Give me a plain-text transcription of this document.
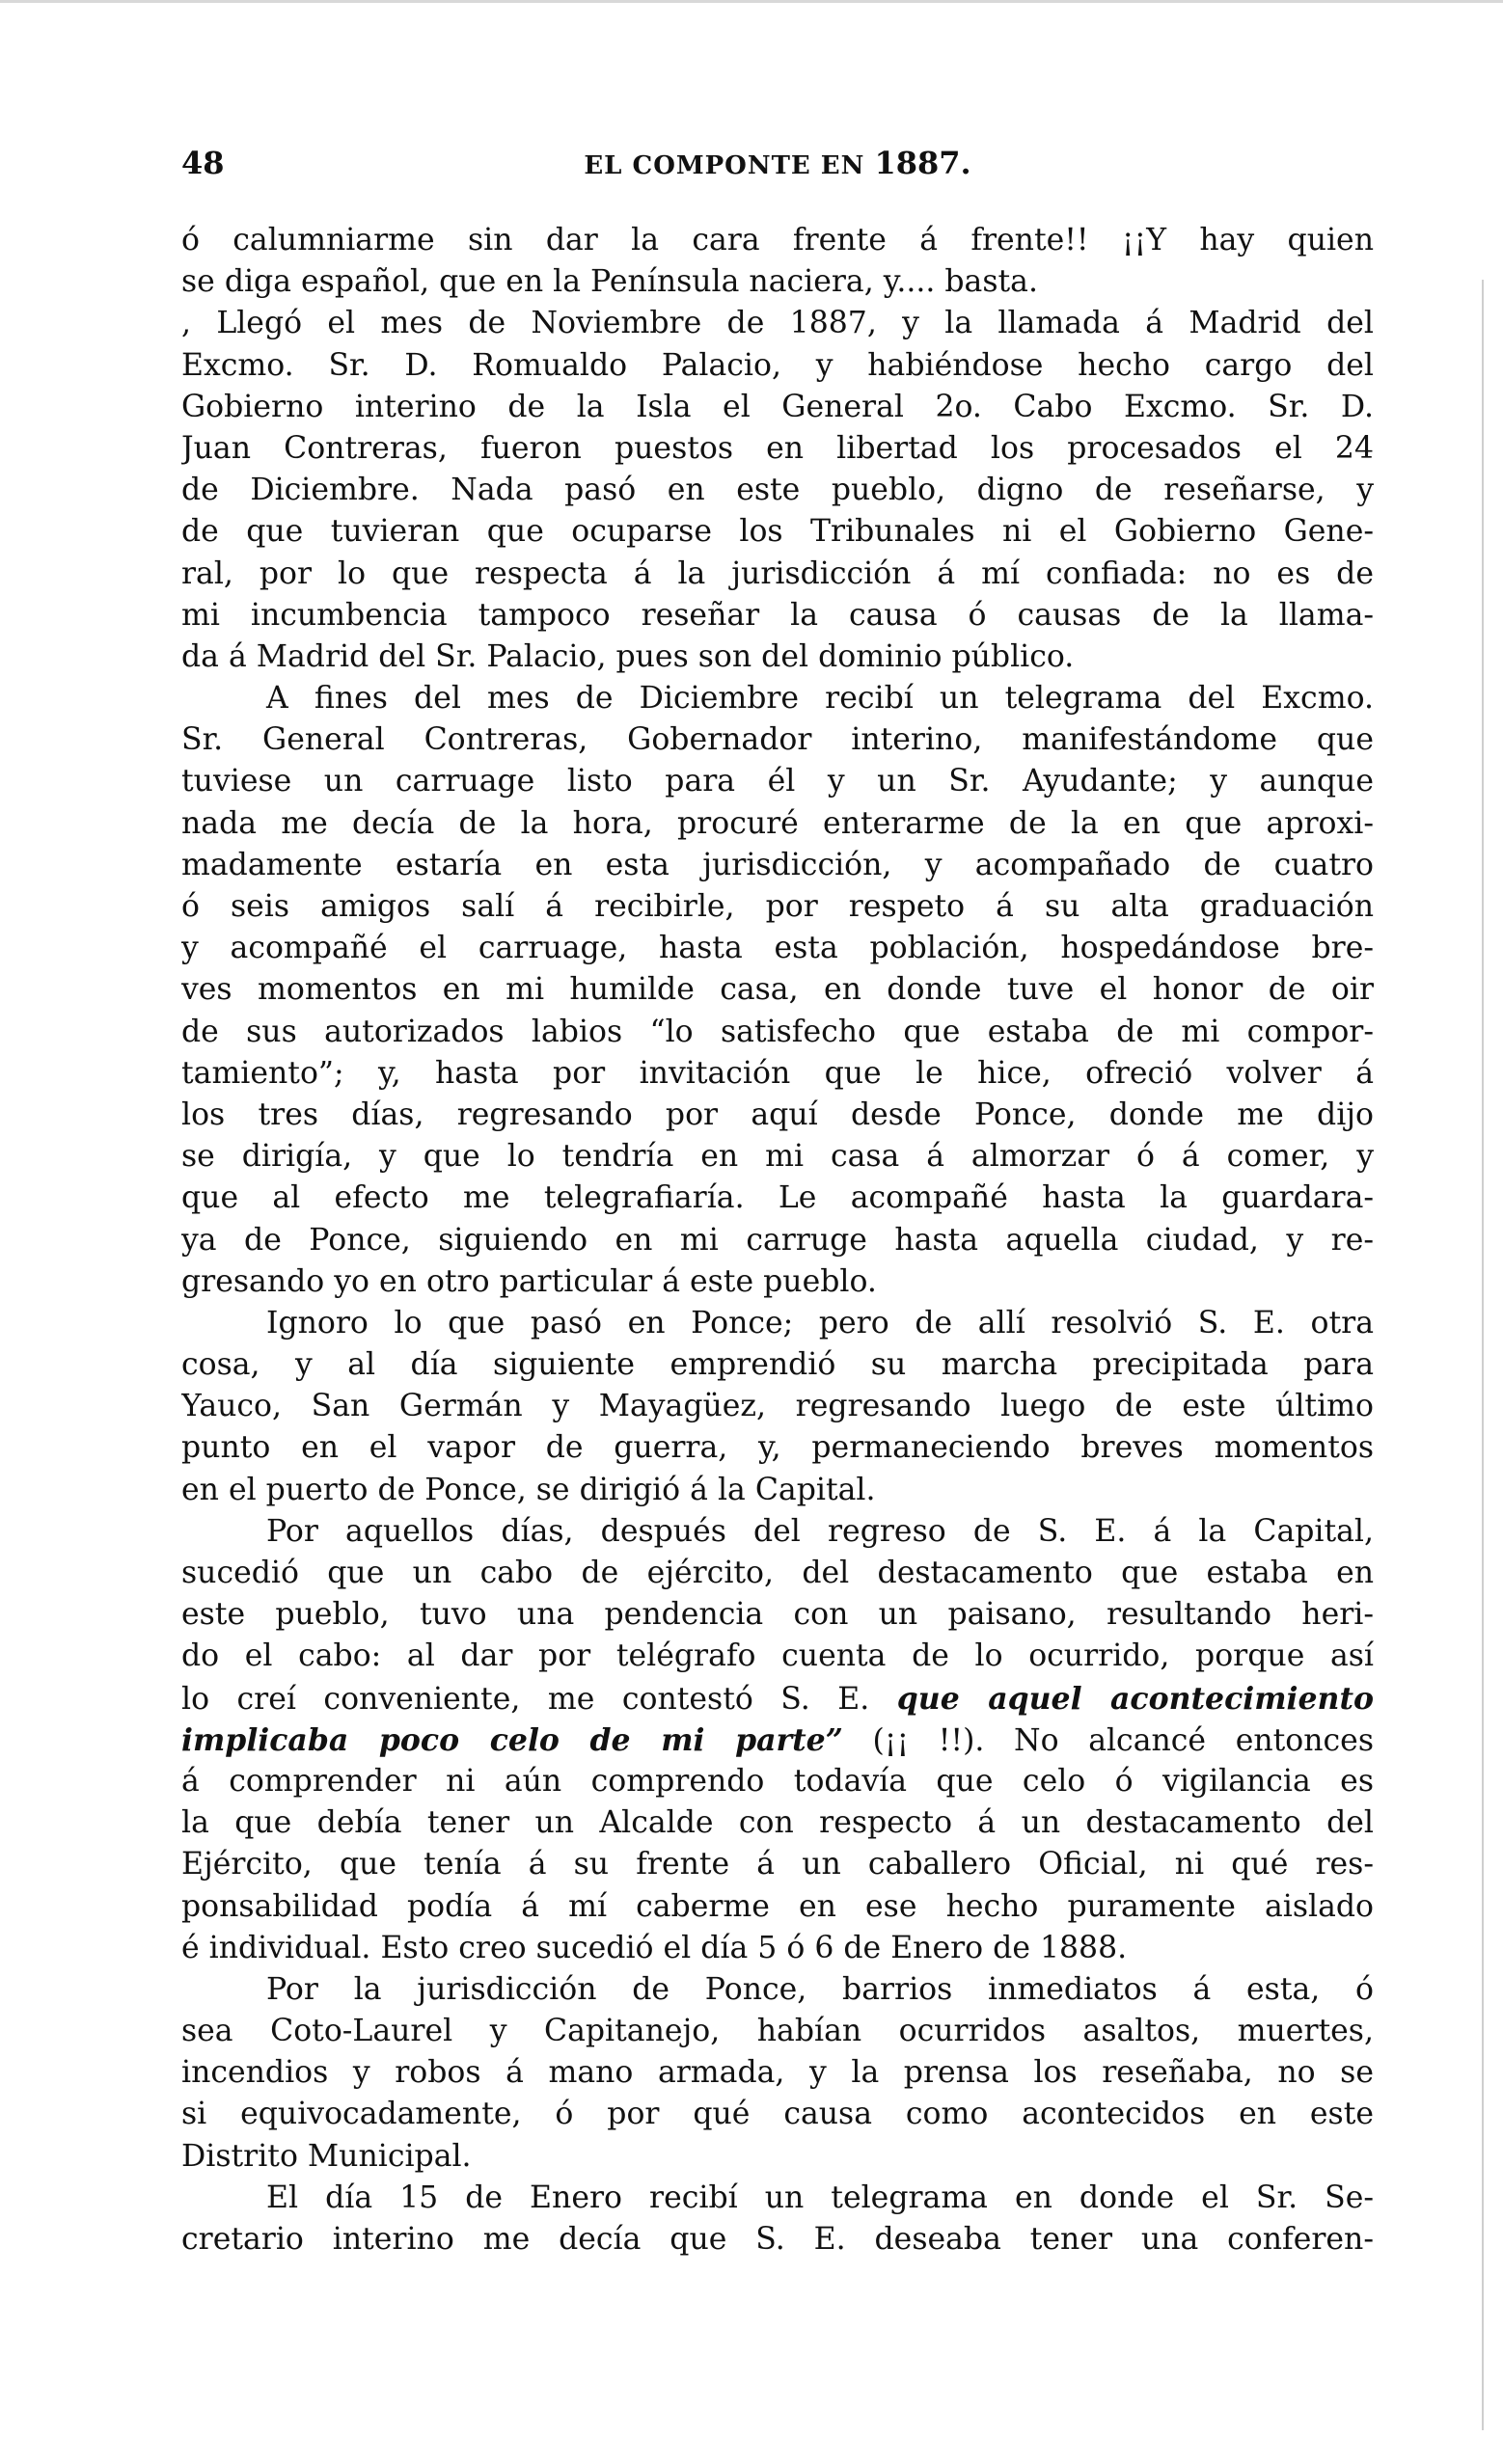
48	EL COMPONTE EN 1887.
ó calumniarme sin dar la cara frente á frente!! ¡¡Y hay quien
se diga español, que en la Península naciera, y.... basta.
, Llegó el mes de Noviembre de 1887, y la llamada á Madrid del
Excmo. Sr. D. Romualdo Palacio, y habiéndose hecho cargo del
Gobierno interino de la Isla el General 2o. Cabo Excmo. Sr. D.
Juan Contreras, fueron puestos en libertad los procesados el 24
de Diciembre. Nada pasó en este pueblo, digno de reseñarse, y
de que tuvieran que ocuparse los Tribunales ni el Gobierno Gene-
ral, por lo que respecta á la jurisdicción á mí confiada: no es de
mi incumbencia tampoco reseñar la causa ó causas de la llama-
da á Madrid del Sr. Palacio, pues son del dominio público.
A fines del mes de Diciembre recibí un telegrama del Excmo.
Sr. General Contreras, Gobernador interino, manifestándome que
tuviese un carruage listo para él y un Sr. Ayudante; y aunque
nada me decía de la hora, procuré enterarme de la en que aproxi-
madamente estaría en esta jurisdicción, y acompañado de cuatro
ó seis amigos salí á recibirle, por respeto á su alta graduación
y acompañé el carruage, hasta esta población, hospedándose bre-
ves momentos en mi humilde casa, en donde tuve el honor de oir
de sus autorizados labios “lo satisfecho que estaba de mi compor-
tamiento”; y, hasta por invitación que le hice, ofreció volver á
los tres días, regresando por aquí desde Ponce, donde me dijo
se dirigía, y que lo tendría en mi casa á almorzar ó á comer, y
que al efecto me telegrafiaría. Le acompañé hasta la guardara-
ya de Ponce, siguiendo en mi carruge hasta aquella ciudad, y re-
gresando yo en otro particular á este pueblo.
Ignoro lo que pasó en Ponce; pero de allí resolvió S. E. otra
cosa, y al día siguiente emprendió su marcha precipitada para
Yauco, San Germán y Mayagüez, regresando luego de este último
punto en el vapor de guerra, y, permaneciendo breves momentos
en el puerto de Ponce, se dirigió á la Capital.
Por aquellos días, después del regreso de S. E. á la Capital,
sucedió que un cabo de ejército, del destacamento que estaba en
este pueblo, tuvo una pendencia con un paisano, resultando heri-
do el cabo: al dar por telégrafo cuenta de lo ocurrido, porque así
lo creí conveniente, me contestó S. E. que aquel acontecimiento
implicaba poco celo de mi parte” (¡¡ !!). No alcancé entonces
á comprender ni aún comprendo todavía que celo ó vigilancia es
la que debía tener un Alcalde con respecto á un destacamento del
Ejército, que tenía á su frente á un caballero Oficial, ni qué res-
ponsabilidad podía á mí caberme en ese hecho puramente aislado
é individual. Esto creo sucedió el día 5 ó 6 de Enero de 1888.
Por la jurisdicción de Ponce, barrios inmediatos á esta, ó
sea Coto-Laurel y Capitanejo, habían ocurridos asaltos, muertes,
incendios y robos á mano armada, y la prensa los reseñaba, no se
si equivocadamente, ó por qué causa como acontecidos en este
Distrito Municipal.
El día 15 de Enero recibí un telegrama en donde el Sr. Se-
cretario interino me decía que S. E. deseaba tener una conferen-
